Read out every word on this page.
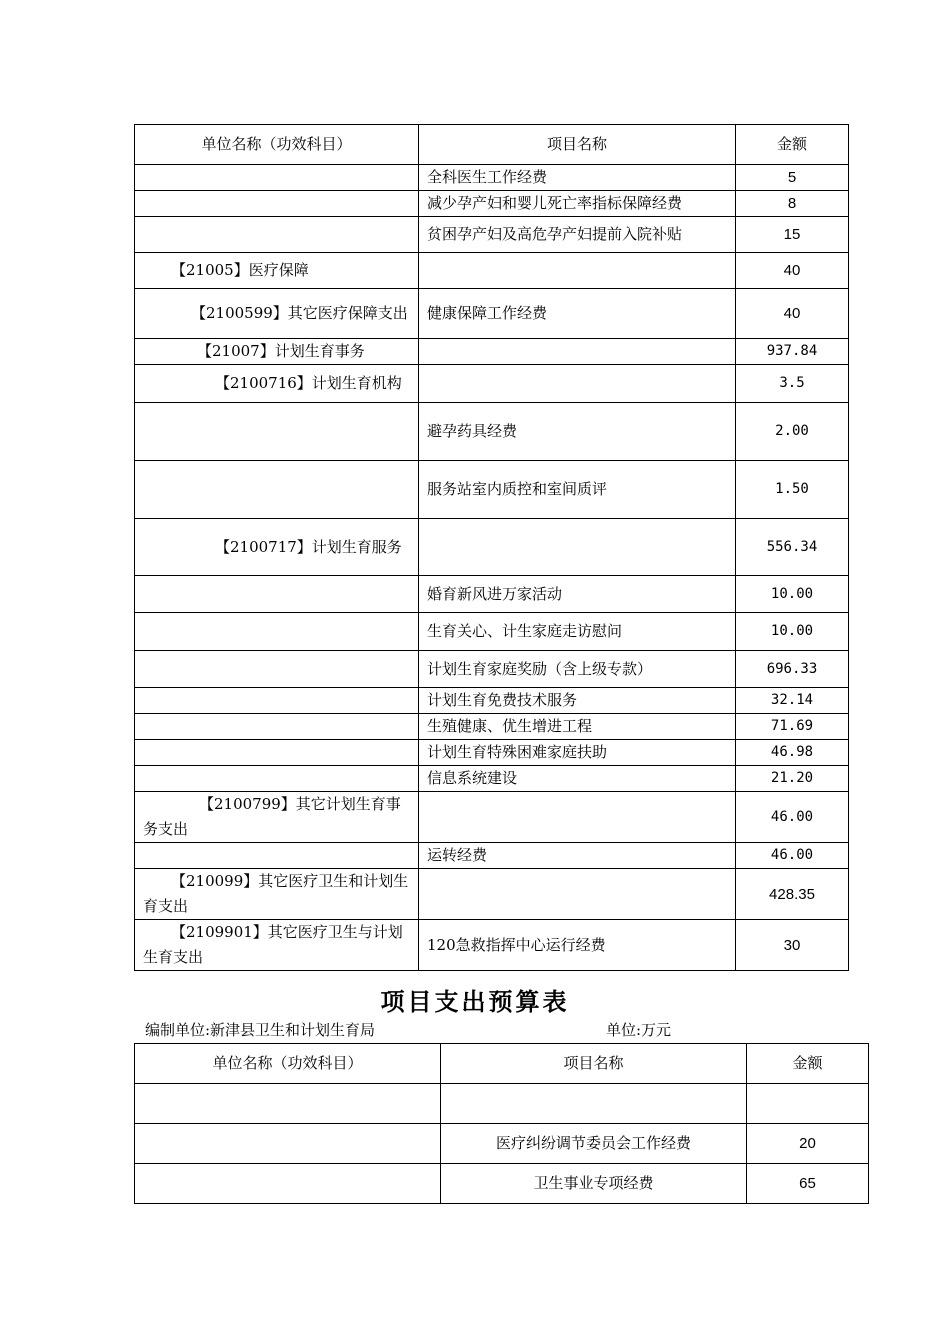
单位名称（功效科目）	项目名称	金额
	全科医生工作经费	5
	减少孕产妇和婴儿死亡率指标保障经费	8
	贫困孕产妇及高危孕产妇提前入院补贴	15
【21005】医疗保障		40
【2100599】其它医疗保障支出	健康保障工作经费	40
【21007】计划生育事务		937.84
【2100716】计划生育机构		3.5
	避孕药具经费	2.00
	服务站室内质控和室间质评	1.50
【2100717】计划生育服务		556.34
	婚育新风进万家活动	10.00
	生育关心、计生家庭走访慰问	10.00
	计划生育家庭奖励（含上级专款）	696.33
	计划生育免费技术服务	32.14
	生殖健康、优生增进工程	71.69
	计划生育特殊困难家庭扶助	46.98
	信息系统建设	21.20
【2100799】其它计划生育事务支出		46.00
	运转经费	46.00
【210099】其它医疗卫生和计划生育支出		428.35
【2109901】其它医疗卫生与计划生育支出	120急救指挥中心运行经费	30
项目支出预算表
编制单位:新津县卫生和计划生育局	单位:万元
单位名称（功效科目）	项目名称	金额

	医疗纠纷调节委员会工作经费	20
	卫生事业专项经费	65
